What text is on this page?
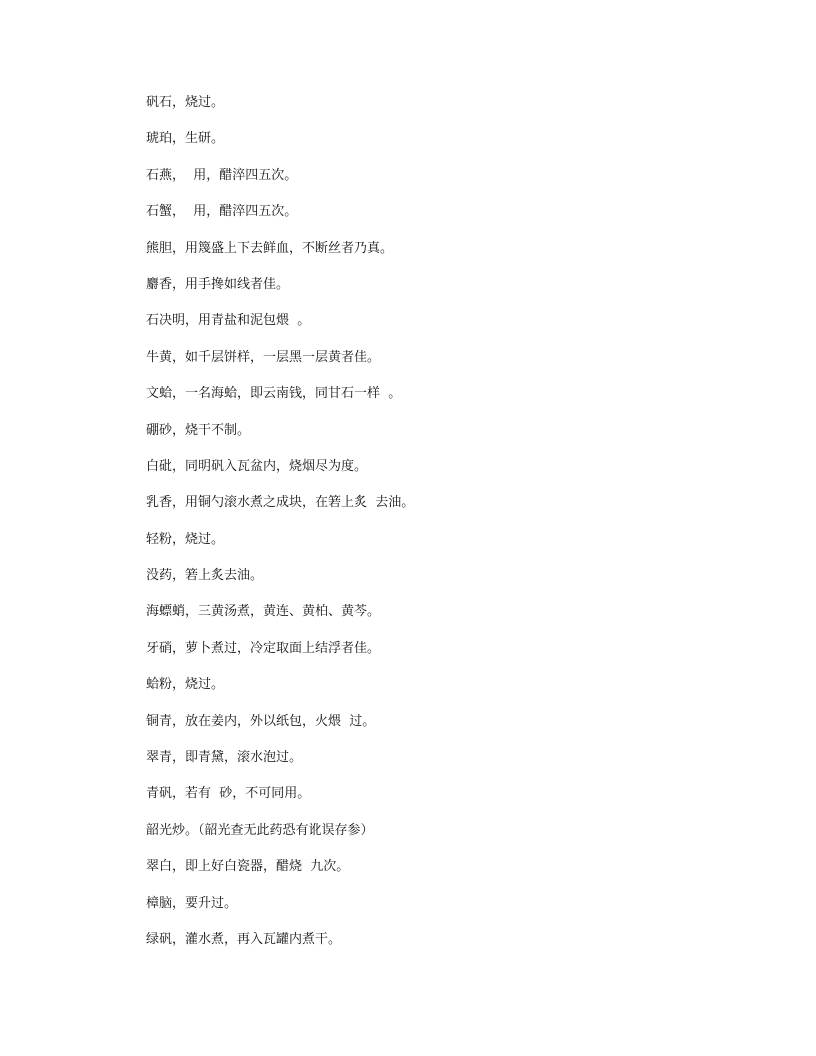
矾石，烧过。
琥珀，生研。
石燕，  用，醋淬四五次。
石蟹，  用，醋淬四五次。
熊胆，用篾盛上下去鲜血，不断丝者乃真。
麝香，用手搀如线者佳。
石决明，用青盐和泥包煨  。
牛黄，如千层饼样，一层黑一层黄者佳。
文蛤，一名海蛤，即云南钱，同甘石一样  。
硼砂，烧干不制。
白砒，同明矾入瓦盆内，烧烟尽为度。
乳香，用铜勺滚水煮之成块，在箬上炙  去油。
轻粉，烧过。
没药，箬上炙去油。
海螵蛸，三黄汤煮，黄连、黄柏、黄芩。
牙硝，萝卜煮过，冷定取面上结浮者佳。
蛤粉，烧过。
铜青，放在姜内，外以纸包，火煨  过。
翠青，即青黛，滚水泡过。
青矾，若有  砂，不可同用。
韶光炒。（韶光查无此药恐有讹误存参）
翠白，即上好白瓷器，醋烧  九次。
樟脑，要升过。
绿矾，灌水煮，再入瓦罐内煮干。
